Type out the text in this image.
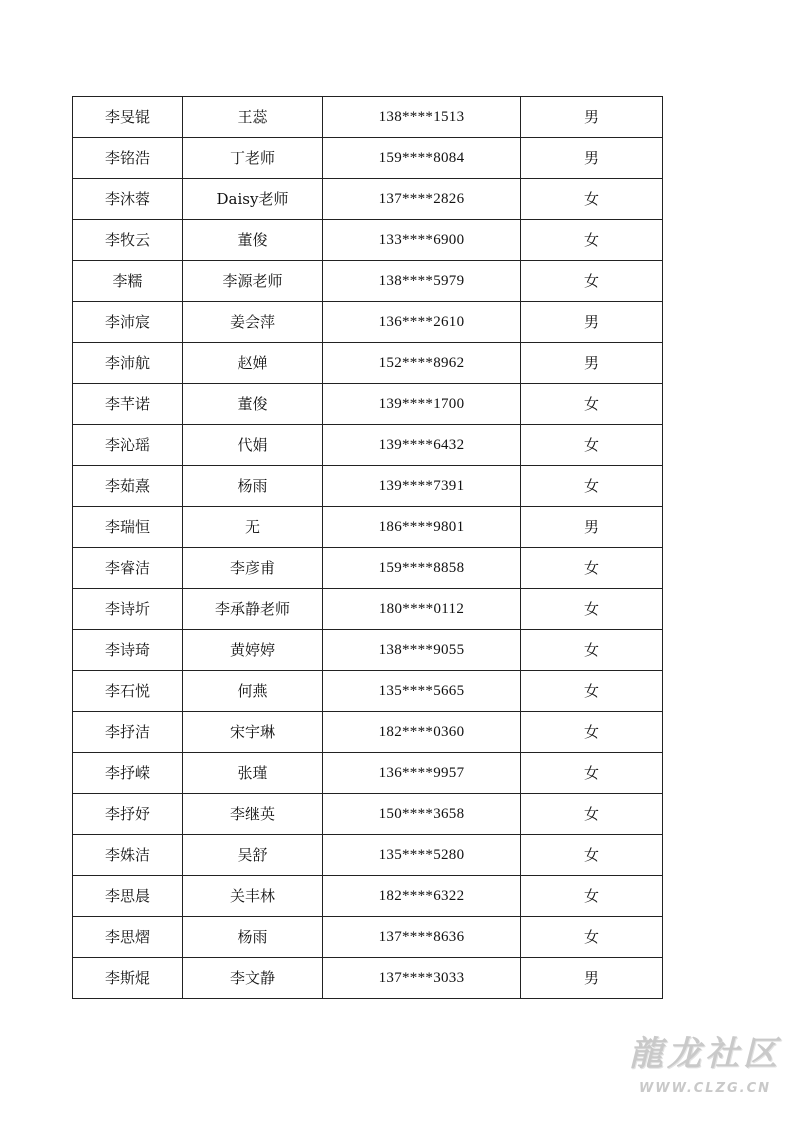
李旻锟	王蕊	138****1513	男
李铭浩	丁老师	159****8084	男
李沐蓉	Daisy老师	137****2826	女
李牧云	董俊	133****6900	女
李糯	李源老师	138****5979	女
李沛宸	姜会萍	136****2610	男
李沛航	赵婵	152****8962	男
李芊诺	董俊	139****1700	女
李沁瑶	代娟	139****6432	女
李茹熹	杨雨	139****7391	女
李瑞恒	无	186****9801	男
李睿洁	李彦甫	159****8858	女
李诗圻	李承静老师	180****0112	女
李诗琦	黄婷婷	138****9055	女
李石悦	何燕	135****5665	女
李抒洁	宋宇琳	182****0360	女
李抒嵘	张瑾	136****9957	女
李抒妤	李继英	150****3658	女
李姝洁	吴舒	135****5280	女
李思晨	关丰林	182****6322	女
李思熠	杨雨	137****8636	女
李斯焜	李文静	137****3033	男
龍龙社区
WWW.CLZG.CN
